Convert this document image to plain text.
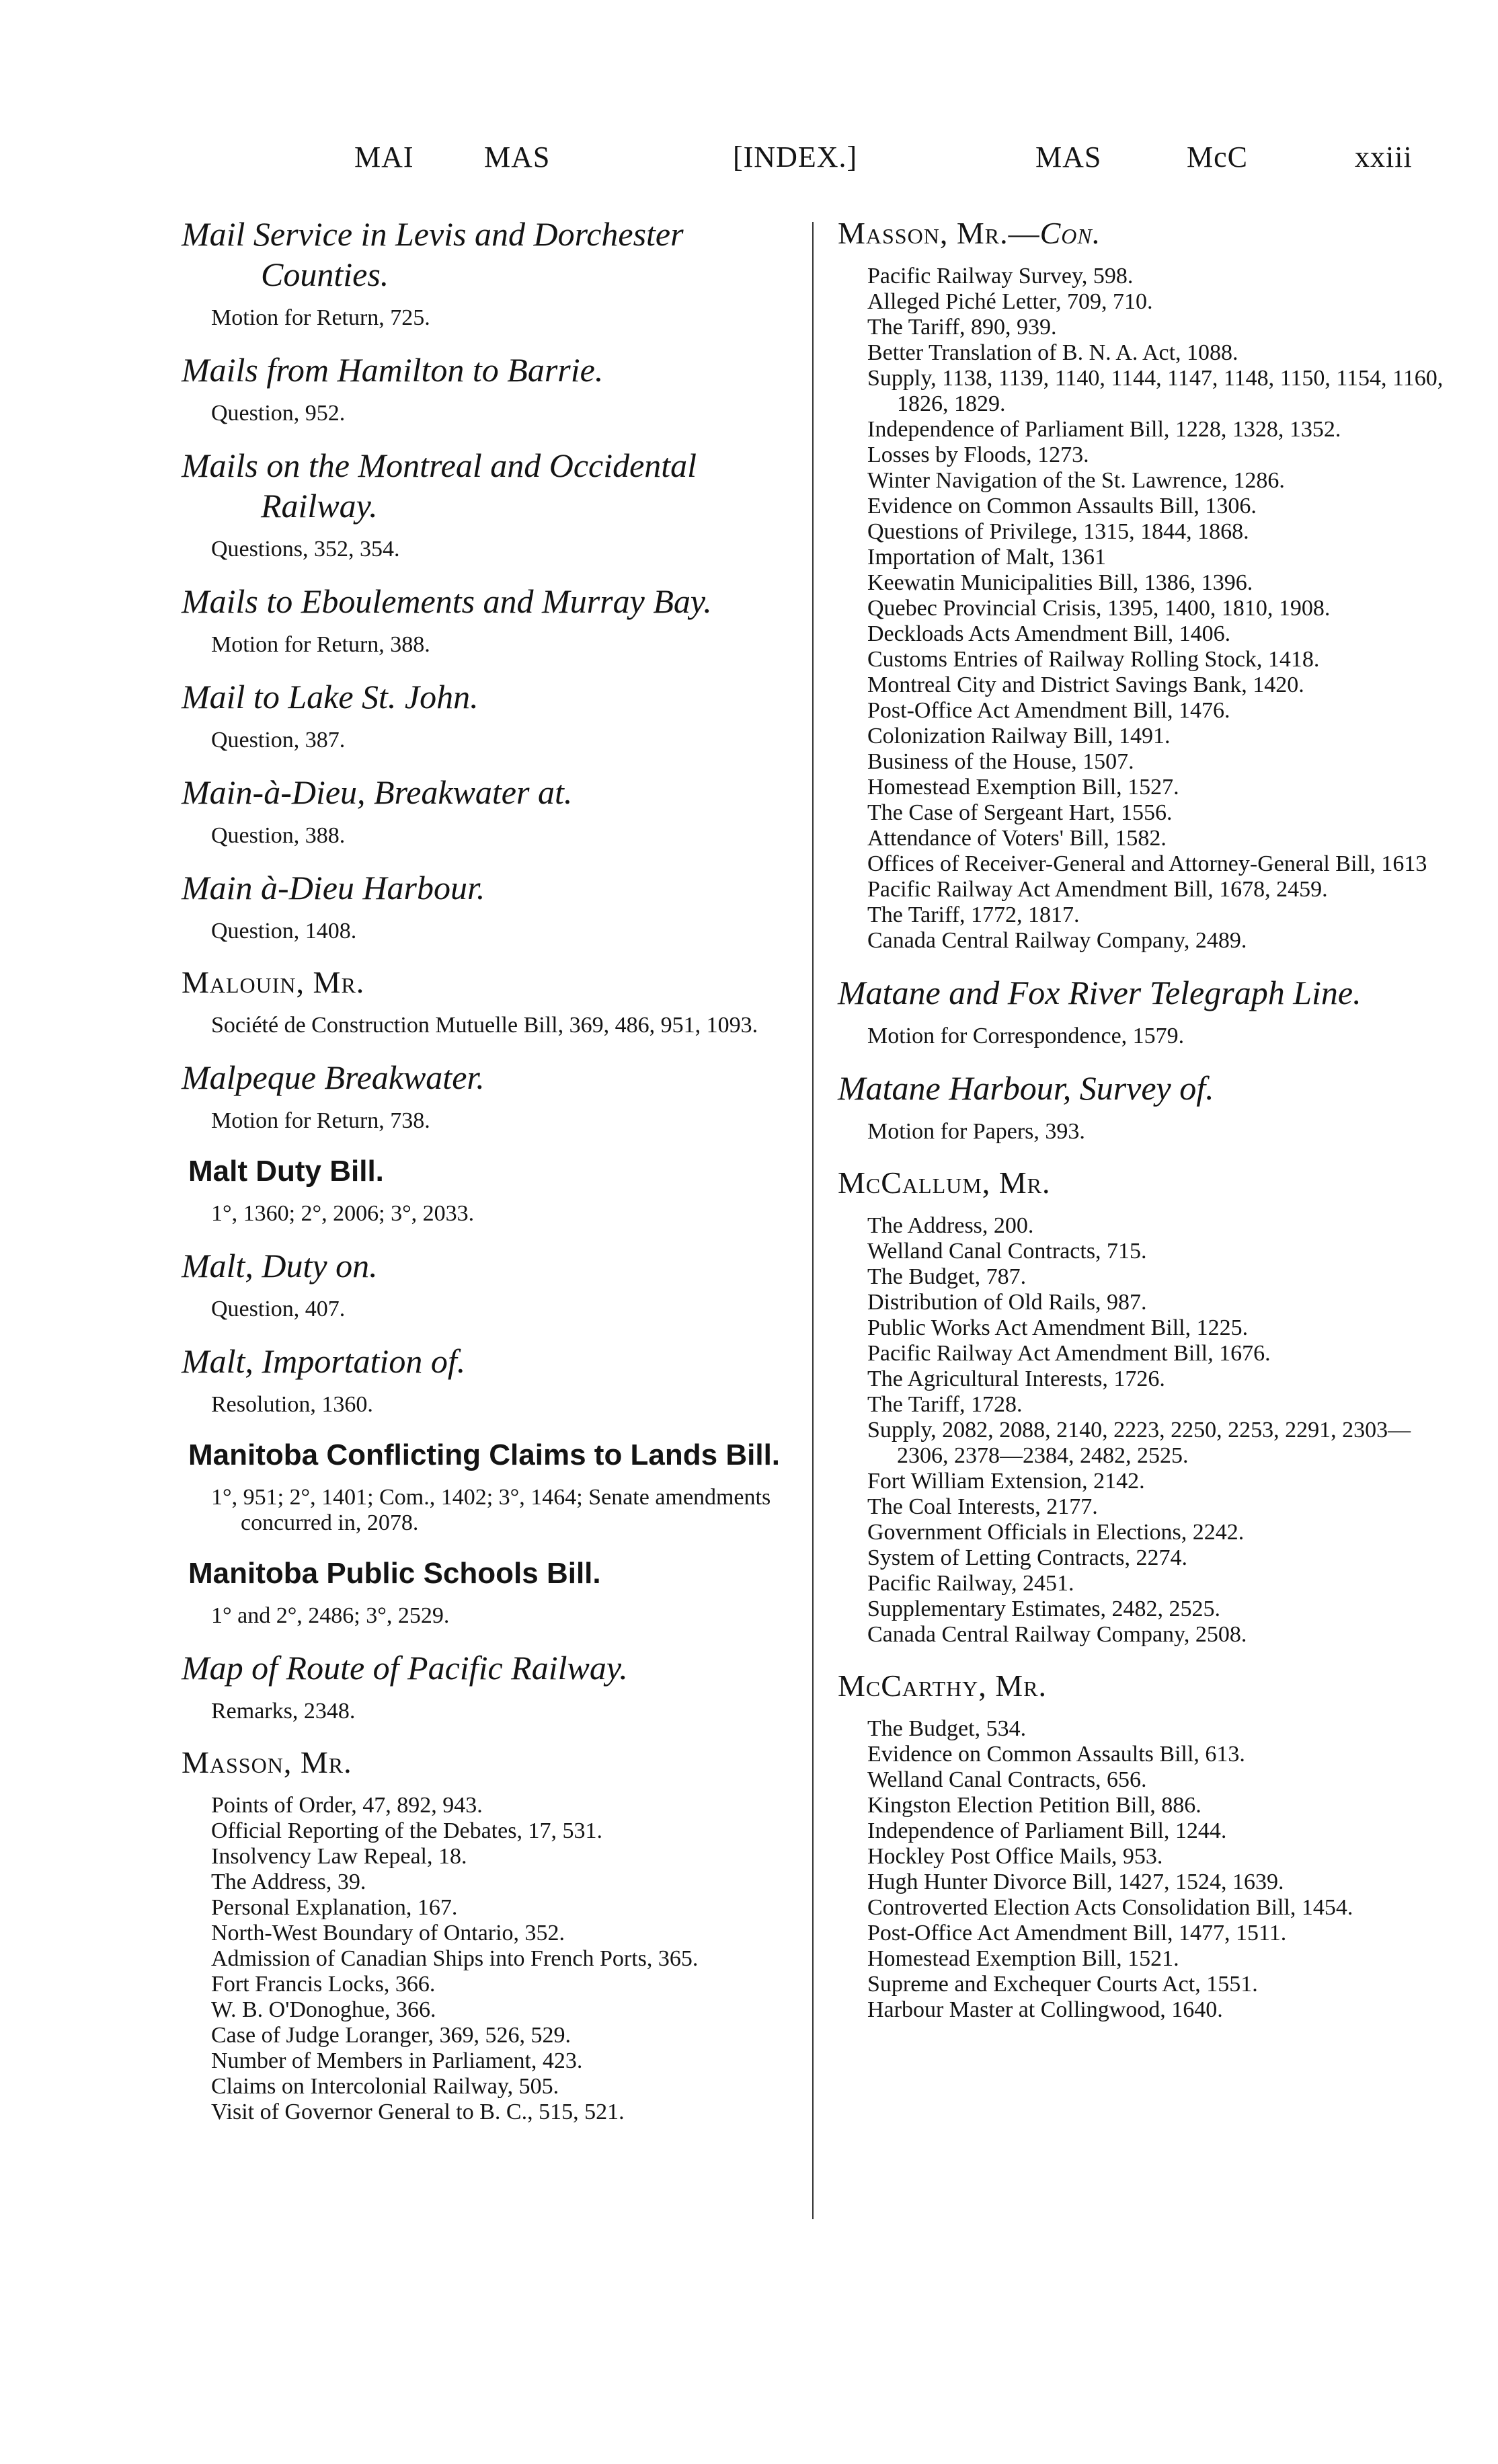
MAI MAS	[INDEX.]	MAS	McC	xxiii

Mail Service in Levis and Dorchester Counties.

Motion for Return, 725.

Mails from Hamilton to Barrie.

Question, 952.

Mails on the Montreal and Occidental Railway.

Questions, 352, 354.

Mails to Eboulements and Murray Bay.

Motion for Return, 388.

Mail to Lake St. John.

Question, 387.

Main-à-Dieu, Breakwater at.

Question, 388.

Main à-Dieu Harbour.

Question, 1408.

Malouin, Mr.

Société de Construction Mutuelle Bill, 369, 486, 951, 1093.

Malpeque Breakwater.

Motion for Return, 738.

Malt Duty Bill.

1°, 1360; 2°, 2006; 3°, 2033.

Malt, Duty on.

Question, 407.

Malt, Importation of.

Resolution, 1360.

Manitoba Conflicting Claims to Lands Bill.

1°, 951; 2°, 1401; Com., 1402; 3°, 1464; Senate amendments concurred in, 2078.

Manitoba Public Schools Bill.

1° and 2°, 2486; 3°, 2529.

Map of Route of Pacific Railway.

Remarks, 2348.

Masson, Mr.

Points of Order, 47, 892, 943.
Official Reporting of the Debates, 17, 531.
Insolvency Law Repeal, 18.
The Address, 39.
Personal Explanation, 167.
North-West Boundary of Ontario, 352.
Admission of Canadian Ships into French Ports, 365.
Fort Francis Locks, 366.
W. B. O'Donoghue, 366.
Case of Judge Loranger, 369, 526, 529.
Number of Members in Parliament, 423.
Claims on Intercolonial Railway, 505.
Visit of Governor General to B. C., 515, 521.

Masson, Mr.—Con.

Pacific Railway Survey, 598.
Alleged Piché Letter, 709, 710.
The Tariff, 890, 939.
Better Translation of B. N. A. Act, 1088.
Supply, 1138, 1139, 1140, 1144, 1147, 1148, 1150, 1154, 1160, 1826, 1829.
Independence of Parliament Bill, 1228, 1328, 1352.
Losses by Floods, 1273.
Winter Navigation of the St. Lawrence, 1286.
Evidence on Common Assaults Bill, 1306.
Questions of Privilege, 1315, 1844, 1868.
Importation of Malt, 1361
Keewatin Municipalities Bill, 1386, 1396.
Quebec Provincial Crisis, 1395, 1400, 1810, 1908.
Deckloads Acts Amendment Bill, 1406.
Customs Entries of Railway Rolling Stock, 1418.
Montreal City and District Savings Bank, 1420.
Post-Office Act Amendment Bill, 1476.
Colonization Railway Bill, 1491.
Business of the House, 1507.
Homestead Exemption Bill, 1527.
The Case of Sergeant Hart, 1556.
Attendance of Voters' Bill, 1582.
Offices of Receiver-General and Attorney-General Bill, 1613
Pacific Railway Act Amendment Bill, 1678, 2459.
The Tariff, 1772, 1817.
Canada Central Railway Company, 2489.

Matane and Fox River Telegraph Line.

Motion for Correspondence, 1579.

Matane Harbour, Survey of.

Motion for Papers, 393.

McCallum, Mr.

The Address, 200.
Welland Canal Contracts, 715.
The Budget, 787.
Distribution of Old Rails, 987.
Public Works Act Amendment Bill, 1225.
Pacific Railway Act Amendment Bill, 1676.
The Agricultural Interests, 1726.
The Tariff, 1728.
Supply, 2082, 2088, 2140, 2223, 2250, 2253, 2291, 2303—2306, 2378—2384, 2482, 2525.
Fort William Extension, 2142.
The Coal Interests, 2177.
Government Officials in Elections, 2242.
System of Letting Contracts, 2274.
Pacific Railway, 2451.
Supplementary Estimates, 2482, 2525.
Canada Central Railway Company, 2508.

McCarthy, Mr.

The Budget, 534.
Evidence on Common Assaults Bill, 613.
Welland Canal Contracts, 656.
Kingston Election Petition Bill, 886.
Independence of Parliament Bill, 1244.
Hockley Post Office Mails, 953.
Hugh Hunter Divorce Bill, 1427, 1524, 1639.
Controverted Election Acts Consolidation Bill, 1454.
Post-Office Act Amendment Bill, 1477, 1511.
Homestead Exemption Bill, 1521.
Supreme and Exchequer Courts Act, 1551.
Harbour Master at Collingwood, 1640.
